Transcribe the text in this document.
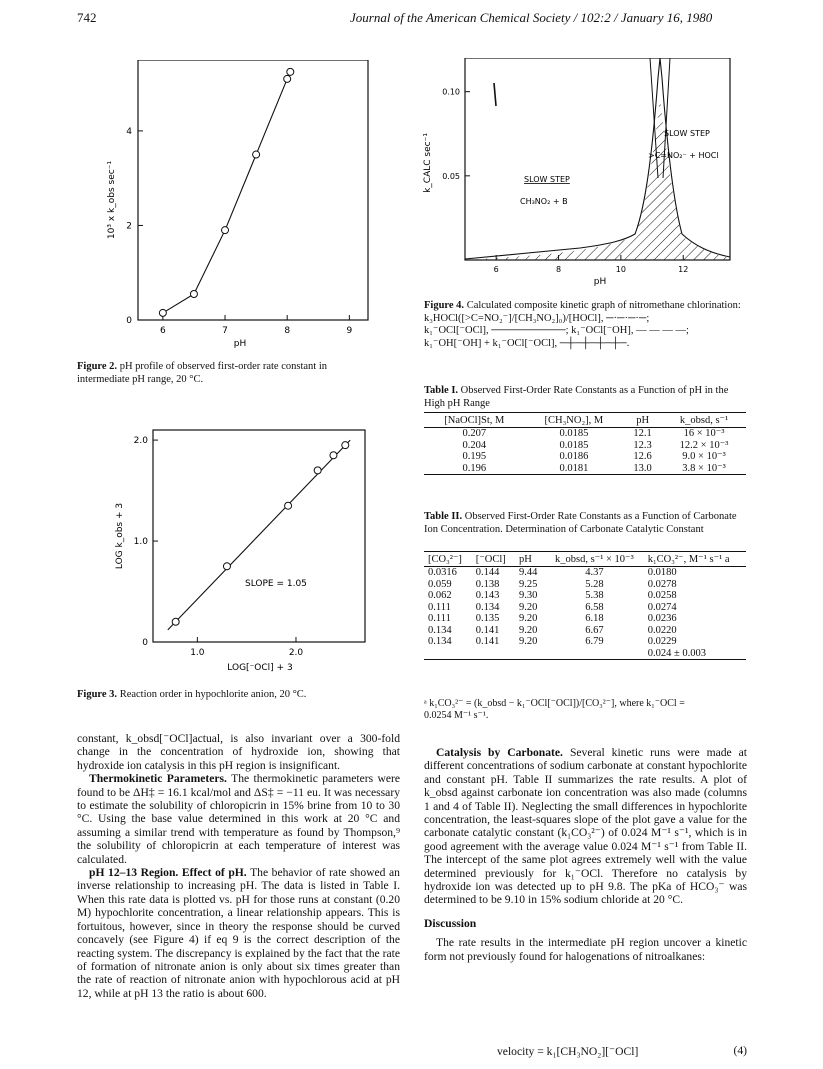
742	Journal of the American Chemical Society / 102:2 / January 16, 1980
6	7	8	9
0
2
4
10³ x k_obs sec⁻¹
pH
Figure 2. pH profile of observed first-order rate constant in intermediate pH range, 20 °C.
1.0	2.0
0
1.0
2.0
SLOPE = 1.05
LOG k_obs + 3
LOG[⁻OCl] + 3
Figure 3. Reaction order in hypochlorite anion, 20 °C.
6	8	10	12
0.05
0.10
SLOW STEP
>C=NO₂⁻ + HOCl
SLOW STEP
CH₃NO₂ + B
k_CALC sec⁻¹
pH
Figure 4. Calculated composite kinetic graph of nitromethane chlorination:
k₃HOCl([>C=NO₂⁻]/[CH₃NO₂]₀)/[HOCl], ─·─·─·─;
k₁⁻OCl[⁻OCl], ──────────; k₁⁻OCl[⁻OH], — — — —;
k₁⁻OH[⁻OH] + k₁⁻OCl[⁻OCl], ─┼─┼─┼─┼─.
Table I. Observed First-Order Rate Constants as a Function of pH in the High pH Range
[NaOCl]St, M	[CH₃NO₂], M	pH	k_obsd, s⁻¹
0.207	0.0185	12.1	16 × 10⁻³
0.204	0.0185	12.3	12.2 × 10⁻³
0.195	0.0186	12.6	9.0 × 10⁻³
0.196	0.0181	13.0	3.8 × 10⁻³
Table II. Observed First-Order Rate Constants as a Function of Carbonate Ion Concentration. Determination of Carbonate Catalytic Constant
[CO₃²⁻]	[⁻OCl]	pH	k_obsd, s⁻¹ × 10⁻³	k₁CO₃²⁻, M⁻¹ s⁻¹ a
0.0316	0.144	9.44	4.37	0.0180
0.059	0.138	9.25	5.28	0.0278
0.062	0.143	9.30	5.38	0.0258
0.111	0.134	9.20	6.58	0.0274
0.111	0.135	9.20	6.18	0.0236
0.134	0.141	9.20	6.67	0.0220
0.134	0.141	9.20	6.79	0.0229
				0.024 ± 0.003
ᵃ k₁CO₃²⁻ = (k_obsd − k₁⁻OCl[⁻OCl])/[CO₃²⁻], where k₁⁻OCl =
0.0254 M⁻¹ s⁻¹.

constant, k_obsd[⁻OCl]actual, is also invariant over a 300-fold change in the concentration of hydroxide ion, showing that hydroxide ion catalysis in this pH region is insignificant.

Thermokinetic Parameters. The thermokinetic parameters were found to be ΔH‡ = 16.1 kcal/mol and ΔS‡ = −11 eu. It was necessary to estimate the solubility of chloropicrin in 15% brine from 10 to 30 °C. Using the base value determined in this work at 20 °C and assuming a similar trend with temperature as found by Thompson,⁹ the solubility of chloropicrin at each temperature of interest was calculated.

pH 12–13 Region. Effect of pH. The behavior of rate showed an inverse relationship to increasing pH. The data is listed in Table I. When this rate data is plotted vs. pH for those runs at constant (0.20 M) hypochlorite concentration, a linear relationship appears. This is fortuitous, however, since in theory the response should be curved concavely (see Figure 4) if eq 9 is the correct description of the reacting system. The discrepancy is explained by the fact that the rate of formation of nitronate anion is only about six times greater than the rate of reaction of nitronate anion with hypochlorous acid at pH 12, while at pH 13 the ratio is about 600.

Catalysis by Carbonate. Several kinetic runs were made at different concentrations of sodium carbonate at constant hypochlorite and constant pH. Table II summarizes the rate results. A plot of k_obsd against carbonate ion concentration was also made (columns 1 and 4 of Table II). Neglecting the small differences in hypochlorite concentration, the least-squares slope of the plot gave a value for the carbonate catalytic constant (k₁CO₃²⁻) of 0.024 M⁻¹ s⁻¹, which is in good agreement with the average value 0.024 M⁻¹ s⁻¹ from Table II. The intercept of the same plot agrees extremely well with the value determined previously for k₁⁻OCl. Therefore no catalysis by hydroxide ion was detected up to pH 9.8. The pKa of HCO₃⁻ was determined to be 9.10 in 15% sodium chloride at 20 °C.

Discussion

The rate results in the intermediate pH region uncover a kinetic form not previously found for halogenations of nitroalkanes:

velocity = k₁[CH₃NO₂][⁻OCl]	(4)
